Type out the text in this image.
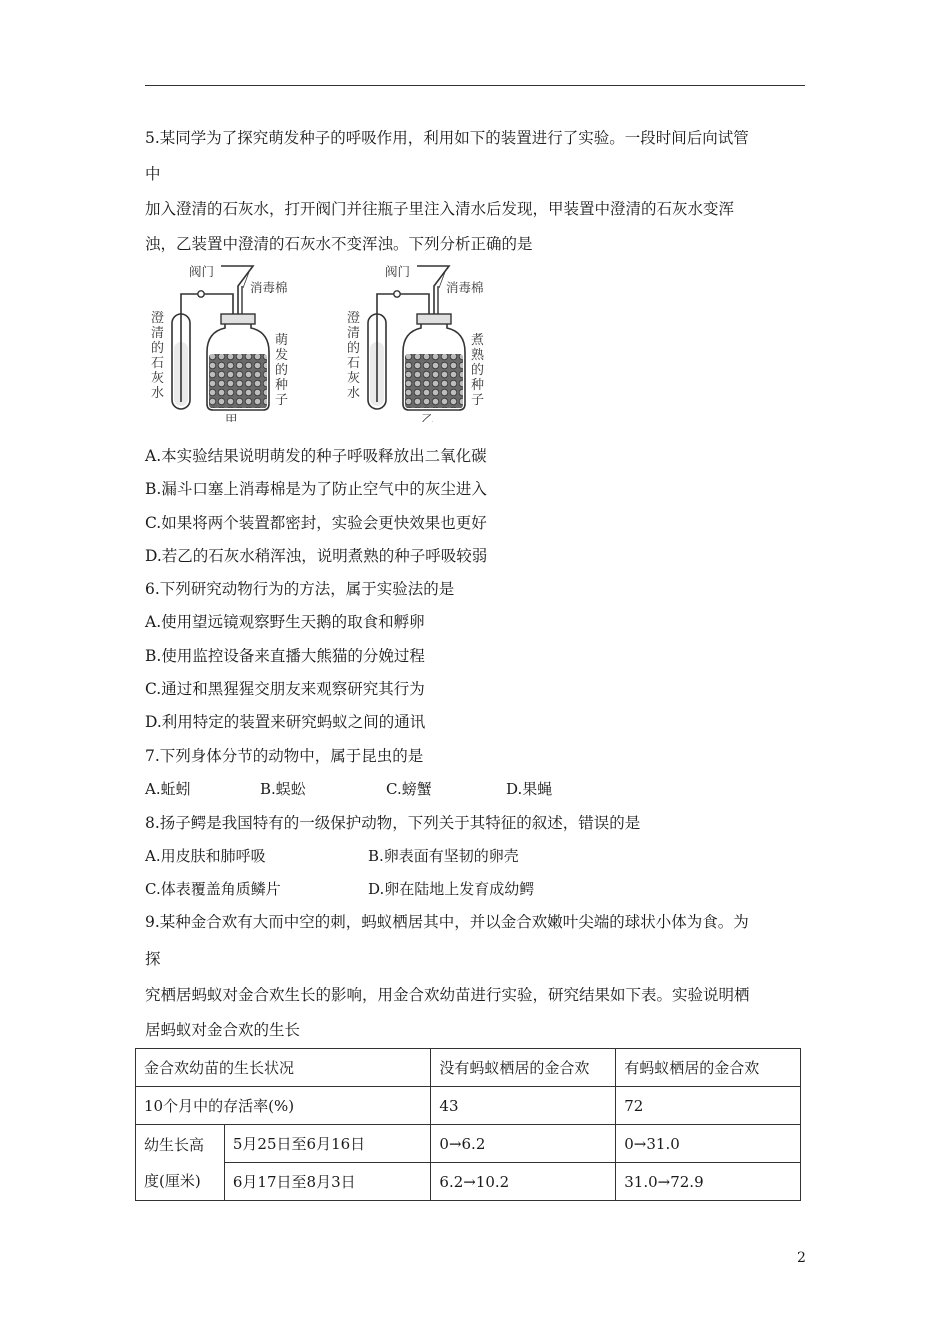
5.某同学为了探究萌发种子的呼吸作用，利用如下的装置进行了实验。一段时间后向试管
中
加入澄清的石灰水，打开阀门并往瓶子里注入清水后发现，甲装置中澄清的石灰水变浑
浊，乙装置中澄清的石灰水不变浑浊。下列分析正确的是
阀门
消毒棉
澄
清
的
石
灰
水
萌
发
的
种
子
甲
阀门
消毒棉
澄
清
的
石
灰
水
煮
熟
的
种
子
乙
A.本实验结果说明萌发的种子呼吸释放出二氧化碳
B.漏斗口塞上消毒棉是为了防止空气中的灰尘进入
C.如果将两个装置都密封，实验会更快效果也更好
D.若乙的石灰水稍浑浊，说明煮熟的种子呼吸较弱
6.下列研究动物行为的方法，属于实验法的是
A.使用望远镜观察野生天鹅的取食和孵卵
B.使用监控设备来直播大熊猫的分娩过程
C.通过和黑猩猩交朋友来观察研究其行为
D.利用特定的装置来研究蚂蚁之间的通讯
7.下列身体分节的动物中，属于昆虫的是
A.蚯蚓	B.蜈蚣	C.螃蟹	D.果蝇
8.扬子鳄是我国特有的一级保护动物，下列关于其特征的叙述，错误的是
A.用皮肤和肺呼吸	B.卵表面有坚韧的卵壳
C.体表覆盖角质鳞片	D.卵在陆地上发育成幼鳄
9.某种金合欢有大而中空的刺，蚂蚁栖居其中，并以金合欢嫩叶尖端的球状小体为食。为
探
究栖居蚂蚁对金合欢生长的影响，用金合欢幼苗进行实验，研究结果如下表。实验说明栖
居蚂蚁对金合欢的生长
金合欢幼苗的生长状况		没有蚂蚁栖居的金合欢	有蚂蚁栖居的金合欢
10个月中的存活率(%)		43	72

幼生长高
度(厘米)	5月25日至6月16日	0→6.2	0→31.0
	6月17日至8月3日	6.2→10.2	31.0→72.9
2
